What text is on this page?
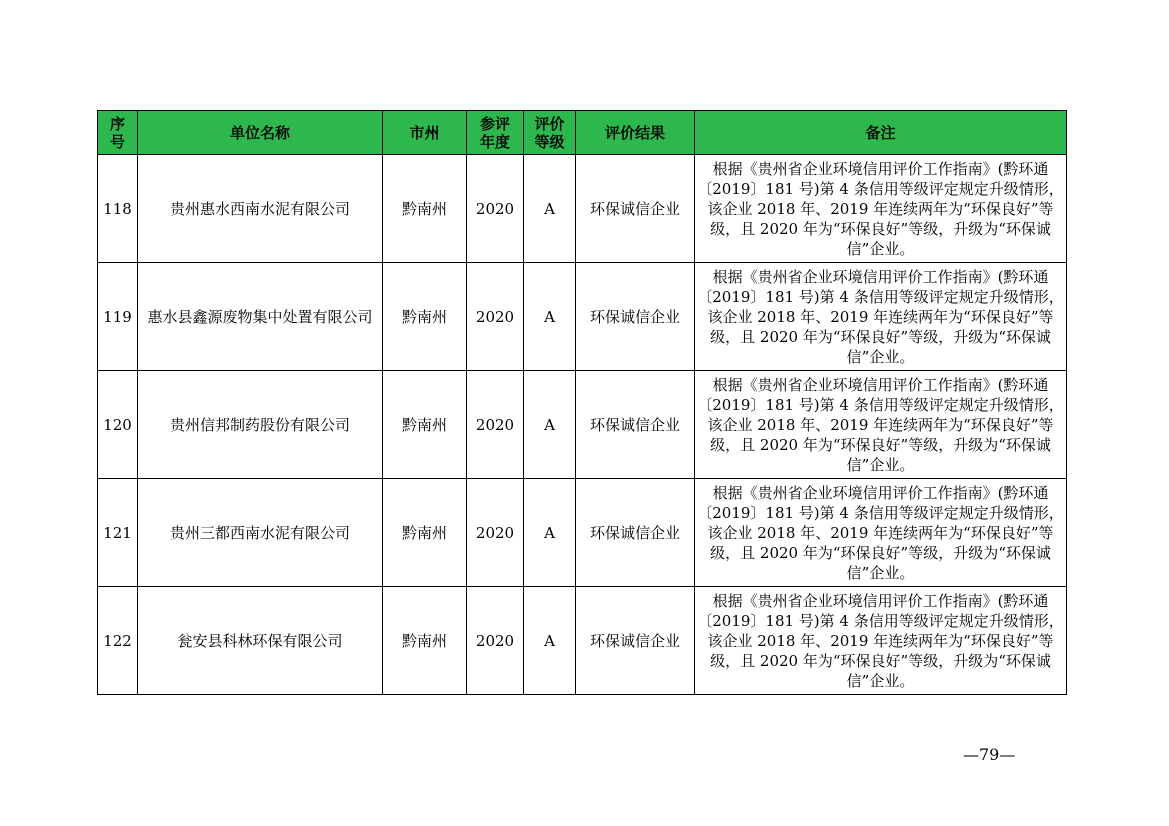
序号	单位名称	市州	参评年度	评价等级	评价结果	备注
118	贵州惠水西南水泥有限公司	黔南州	2020	A	环保诚信企业	根据《贵州省企业环境信用评价工作指南》(黔环通〔2019〕181 号)第 4 条信用等级评定规定升级情形，该企业 2018 年、2019 年连续两年为“环保良好”等级，且 2020 年为“环保良好”等级，升级为“环保诚信”企业。
119	惠水县鑫源废物集中处置有限公司	黔南州	2020	A	环保诚信企业	根据《贵州省企业环境信用评价工作指南》(黔环通〔2019〕181 号)第 4 条信用等级评定规定升级情形，该企业 2018 年、2019 年连续两年为“环保良好”等级，且 2020 年为“环保良好”等级，升级为“环保诚信”企业。
120	贵州信邦制药股份有限公司	黔南州	2020	A	环保诚信企业	根据《贵州省企业环境信用评价工作指南》(黔环通〔2019〕181 号)第 4 条信用等级评定规定升级情形，该企业 2018 年、2019 年连续两年为“环保良好”等级，且 2020 年为“环保良好”等级，升级为“环保诚信”企业。
121	贵州三都西南水泥有限公司	黔南州	2020	A	环保诚信企业	根据《贵州省企业环境信用评价工作指南》(黔环通〔2019〕181 号)第 4 条信用等级评定规定升级情形，该企业 2018 年、2019 年连续两年为“环保良好”等级，且 2020 年为“环保良好”等级，升级为“环保诚信”企业。
122	瓮安县科林环保有限公司	黔南州	2020	A	环保诚信企业	根据《贵州省企业环境信用评价工作指南》(黔环通〔2019〕181 号)第 4 条信用等级评定规定升级情形，该企业 2018 年、2019 年连续两年为“环保良好”等级，且 2020 年为“环保良好”等级，升级为“环保诚信”企业。
—79—
